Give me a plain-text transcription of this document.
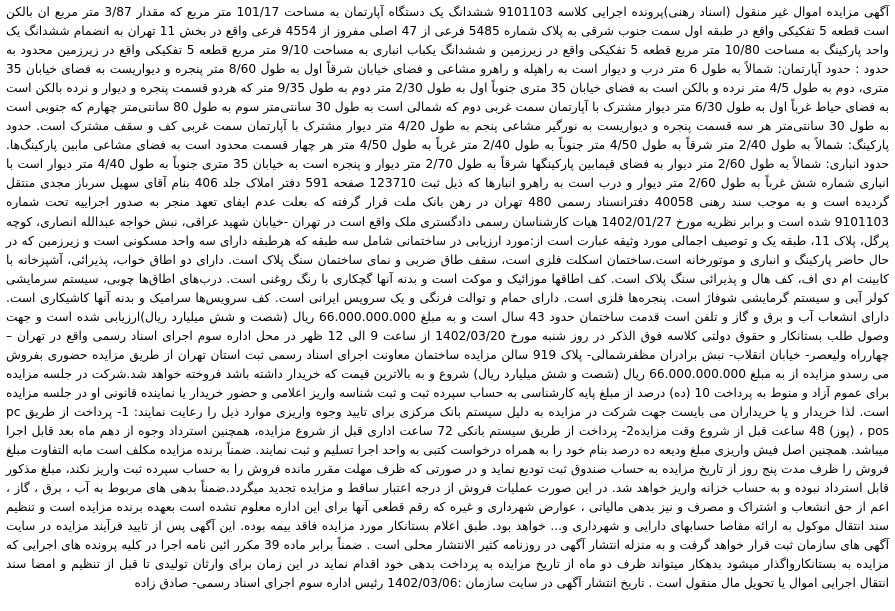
آگهی مزایده اموال غیر منقول (اسناد رهنی)پرونده اجرایی کلاسه 9101103 ششدانگ یک دستگاه آپارتمان به مساحت 101/17 متر مربع که مقدار 3/87 متر مربع ان بالکن است قطعه 5 تفکیکی واقع در طبقه اول سمت جنوب شرقی به پلاک شماره 5485 فرعی از 47 اصلی مفروز از 4554 فرعی واقع در بخش 11 تهران به انضمام ششدانگ یک واحد پارکینگ به مساحت 10/80 متر مربع قطعه 5 تفکیکی واقع در زیرزمین و ششدانگ یکباب انباری به مساحت 9/10 متر مربع قطعه 5 تفکیکی واقع در زیرزمین محدود به حدود : حدود آپارتمان: شمالاً به طول 6 متر درب و دیوار است به راهپله و راهرو مشاعی و فضای خیابان شرقاً اول به طول 8/60 متر پنجره و دیواریست به فضای خیابان 35 متری، دوم به طول 4/5 متر نرده و بالکن است به فضای خیابان 35 متری جنوباً اول به طول 2/30 متر دوم به طول 9/35 متر که هردو قسمت پنجره و دیوار و نرده بالکن است به فضای حیاط غرباً اول به طول 6/30 متر دیوار مشترک با آپارتمان سمت غربی دوم که شمالی است به طول 30 سانتی‌متر سوم به طول 80 سانتی‌متر چهارم که جنوبی است به طول 30 سانتی‌متر هر سه قسمت پنجره و دیواریست به نورگیر مشاعی پنجم به طول 4/20 متر دیوار مشترک با آپارتمان سمت غربی کف و سقف مشترک است. حدود پارکینگ: شمالاً به طول 2/40 متر شرقاً به طول 4/50 متر جنوباً به طول 2/40 متر غرباً به طول 4/50 متر هر چهار قسمت محدود است به فضای مشاعی مابین پارکینگ‌ها. حدود انباری: شمالاً به طول 2/60 متر دیوار به فضای قیمابین پارکینگها شرقاً به طول 2/70 متر دیوار و پنجره است به خیابان 35 متری جنوباً به طول 4/40 متر دیوار است با انباری شماره شش غرباً به طول 2/60 متر دیوار و درب است به راهرو انبارها که ذیل ثبت 123710 صفحه 591 دفتر املاک جلد 406 بنام آقای سهیل سرباز مجدی منتقل گردیده است و به موجب سند رهنی 40058 دفترانسناد رسمی 480 تهران در رهن بانک ملت قرار گرفته که بعلت عدم ایفای تعهد منجر به صدور اجراییه تحت شماره 9101103 شده است و برابر نظریه مورخ 1402/01/27 هیات کارشناسان رسمی دادگستری ملک واقع است در تهران -خیابان شهید عراقی، نبش خواجه عبدالله انصاری، کوچه پرگل، پلاک 11، طبقه یک و توصیف اجمالی مورد وثیقه عبارت است از:مورد ارزیابی در ساختمانی شامل سه طبقه که هرطبقه دارای سه واحد مسکونی است و زیرزمین که در حال حاضر پارکینگ و انباری و موتورخانه است.ساختمان اسکلت فلزی است، سقف طاق ضربی و نمای ساختمان سنگ پلاک است. دارای دو اطاق خواب، پذیرائی، آشپزخانه با کابینت ام دی اف، کف هال و پذیرائی سنگ پلاک است. کف اطاقها موزائیک و موکت است و بدنه آنها گچکاری با رنگ روغنی است. درب‌های اطاق‌ها چوبی، سیستم سرمایشی کولر آبی و سیستم گرمایشی شوفاژ است. پنجره‌ها فلزی است. دارای حمام و توالت فرنگی و یک سرویس ایرانی است. کف سرویس‌ها سرامیک و بدنه آنها کاشیکاری است. دارای انشعاب آب و برق و گاز و تلفن است قدمت ساختمان حدود 43 سال است و به مبلغ 66.000.000.000 ریال (شصت و شش میلیارد ریال)ارزیابی شده است و جهت وصول طلب بستانکار و حقوق دولتی کلاسه فوق الذکر در روز شنبه مورخ 1402/03/20 از ساعت 9 الی 12 ظهر در محل اداره سوم اجرای اسناد رسمی واقع در تهران – چهارراه ولیعصر- خیابان انقلاب- نبش برادران مظفرشمالی- پلاک 919 سالن مزایده ساختمان معاونت اجرای اسناد رسمی ثبت استان تهران از طریق مزایده حضوری بفروش می رسدو مزایده از به مبلغ 66.000.000.000 ریال (شصت و شش میلیارد ریال) شروع و به بالاترین قیمت که خریدار داشته باشد فروخته خواهد شد.شرکت در جلسه مزایده برای عموم آزاد و منوط به پرداخت 10 (ده) درصد از مبلغ پایه کارشناسی به حساب سپرده ثبت و ثبت شناسه واریز اعلامی و حضور خریدار یا نماینده قانونی او در جلسه مزایده است. لذا خریدار و یا خریداران می بایست جهت شرکت در مزایده به دلیل سیستم بانک مرکزی برای تایید وجوه واریزی موارد ذیل را رعایت نمایند: 1- پرداخت از طریق pc pos ، (پوز) 48 ساعت قبل از شروع وقت مزایده2- پرداخت از طریق سیستم بانکی 72 ساعت اداری قبل از شروع مزایده، همچنین استرداد وجوه از دهم ماه بعد قابل اجرا میباشد. همچنین اصل فیش واریزی مبلغ ودیعه ده درصد بنام خود را به همراه درخواست کتبی به واحد اجرا تسلیم و ثبت نمایند. ضمناً برنده مزایده مکلف است مابه التفاوت مبلغ فروش را ظرف مدت پنج روز از تاریخ مزایده به حساب صندوق ثبت تودیع نماید و در صورتی که ظرف مهلت مقرر مانده فروش را به حساب سپرده ثبت واریز نکند، مبلغ مذکور قابل استرداد نبوده و به حساب خزانه واریز خواهد شد. در این صورت عملیات فروش از درجه اعتبار ساقط و مزایده تجدید میگردد.ضمناً بدهی های مربوط به آب ، برق ، گاز ، اعم از حق انشعاب و اشتراک و مصرف و نیز بدهی مالیاتی ، عوارض شهرداری و غیره که رقم قطعی آنها برای این اداره معلوم نشده است بعهده برنده مزایده است و تنظیم سند انتقال موکول به ارائه مفاصا حسابهای دارایی و شهرداری و... خواهد بود. طبق اعلام بستانکار مورد مزایده فاقد بیمه بوده. این آگهی پس از تایید فرآیند مزایده در سایت آگهی های سازمان ثبت قرار خواهد گرفت و به منزله انتشار آگهی در روزنامه کثیر الانتشار محلی است . ضمناً برابر ماده 39 مکرر ائین نامه اجرا در کلیه پرونده های اجرایی که مزایده به بستانکارواگذار میشود بدهکار میتواند ظرف دو ماه از تاریخ مزایده به پرداخت بدهی خود اقدام نماید در این زمان برای وارثان تولیدی تا قبل از تنظیم و امضا سند انتقال اجرایی اموال یا تحویل مال منقول است . تاریخ انتشار آگهی در سایت سازمان :1402/03/06 رئیس اداره سوم اجرای اسناد رسمی- صادق زاده
